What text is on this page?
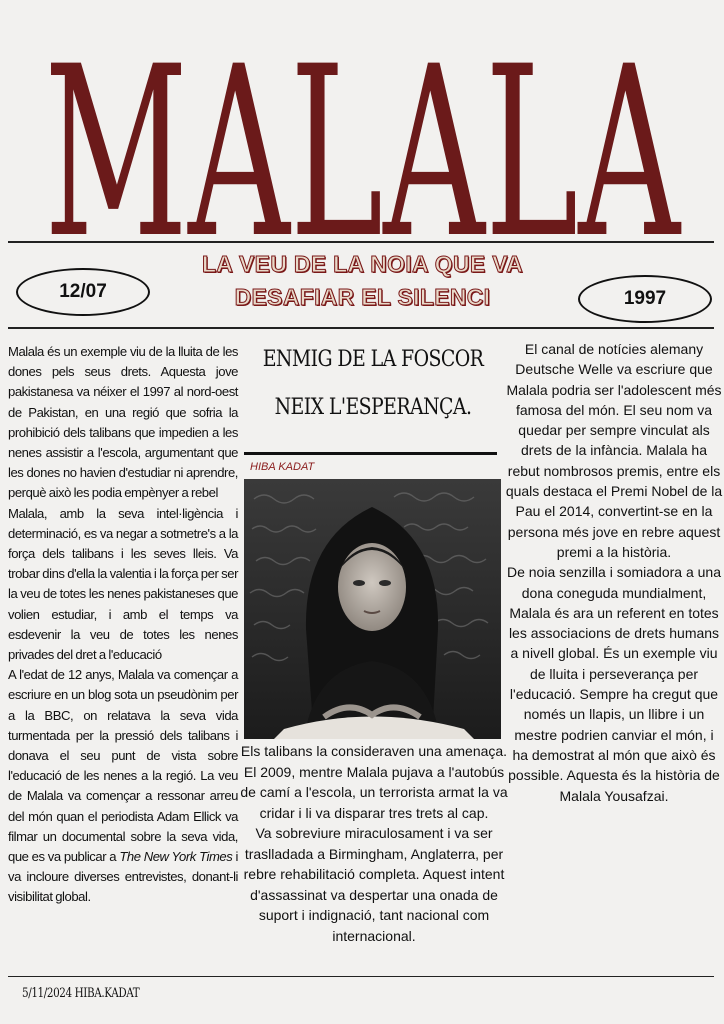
MALALA
LA VEU DE LA NOIA QUE VA
DESAFIAR EL SILENCI
12/07	1997

Malala és un exemple viu de la lluita de les dones pels seus drets. Aquesta jove pakistanesa va néixer el 1997 al nord-oest de Pakistan, en una regió que sofria la prohibició dels talibans que impedien a les nenes assistir a l'escola, argumentant que les dones no havien d'estudiar ni aprendre, perquè això les podia empènyer a rebel

Malala, amb la seva intel·ligència i determinació, es va negar a sotmetre's a la força dels talibans i les seves lleis. Va trobar dins d'ella la valentia i la força per ser la veu de totes les nenes pakistaneses que volien estudiar, i amb el temps va esdevenir la veu de totes les nenes privades del dret a l'educació

A l'edat de 12 anys, Malala va començar a escriure en un blog sota un pseudònim per a la BBC, on relatava la seva vida turmentada per la pressió dels talibans i donava el seu punt de vista sobre l'educació de les nenes a la regió. La veu de Malala va començar a ressonar arreu del món quan el periodista Adam Ellick va filmar un documental sobre la seva vida, que es va publicar a The New York Times i va incloure diverses entrevistes, donant-li visibilitat global.

ENMIG DE LA FOSCOR
NEIX L'ESPERANÇA.
HIBA KADAT

Els talibans la consideraven una amenaça. El 2009, mentre Malala pujava a l'autobús de camí a l'escola, un terrorista armat la va cridar i li va disparar tres trets al cap.

Va sobreviure miraculosament i va ser traslladada a Birmingham, Anglaterra, per rebre rehabilitació completa. Aquest intent d'assassinat va despertar una onada de suport i indignació, tant nacional com internacional.

El canal de notícies alemany Deutsche Welle va escriure que Malala podria ser l'adolescent més famosa del món. El seu nom va quedar per sempre vinculat als drets de la infància. Malala ha rebut nombrosos premis, entre els quals destaca el Premi Nobel de la Pau el 2014, convertint-se en la persona més jove en rebre aquest premi a la història.

De noia senzilla i somiadora a una dona coneguda mundialment, Malala és ara un referent en totes les associacions de drets humans a nivell global. És un exemple viu de lluita i perseverança per l'educació. Sempre ha cregut que només un llapis, un llibre i un mestre podrien canviar el món, i ha demostrat al món que això és possible. Aquesta és la història de Malala Yousafzai.

5/11/2024 HIBA.KADAT
